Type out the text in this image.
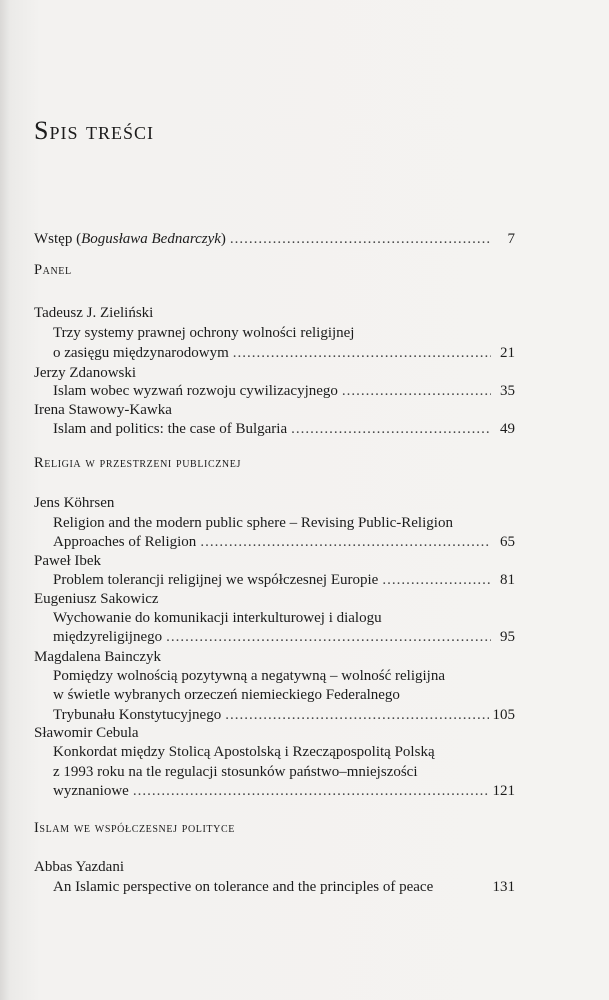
Spis treści
Wstęp (Bogusława Bednarczyk) .....	7
Panel
Tadeusz J. Zieliński
Trzy systemy prawnej ochrony wolności religijnej
o zasięgu międzynarodowym .....	21
Jerzy Zdanowski
Islam wobec wyzwań rozwoju cywilizacyjnego .....	35
Irena Stawowy-Kawka
Islam and politics: the case of Bulgaria .....	49
Religia w przestrzeni publicznej
Jens Köhrsen
Religion and the modern public sphere – Revising Public-Religion
Approaches of Religion .....	65
Paweł Ibek
Problem tolerancji religijnej we współczesnej Europie .....	81
Eugeniusz Sakowicz
Wychowanie do komunikacji interkulturowej i dialogu
międzyreligijnego .....	95
Magdalena Bainczyk
Pomiędzy wolnością pozytywną a negatywną – wolność religijna
w świetle wybranych orzeczeń niemieckiego Federalnego
Trybunału Konstytucyjnego .....	105
Sławomir Cebula
Konkordat między Stolicą Apostolską i Rzecząpospolitą Polską
z 1993 roku na tle regulacji stosunków państwo–mniejszości
wyznaniowe .....	121
Islam we współczesnej polityce
Abbas Yazdani
An Islamic perspective on tolerance and the principles of peace	131
